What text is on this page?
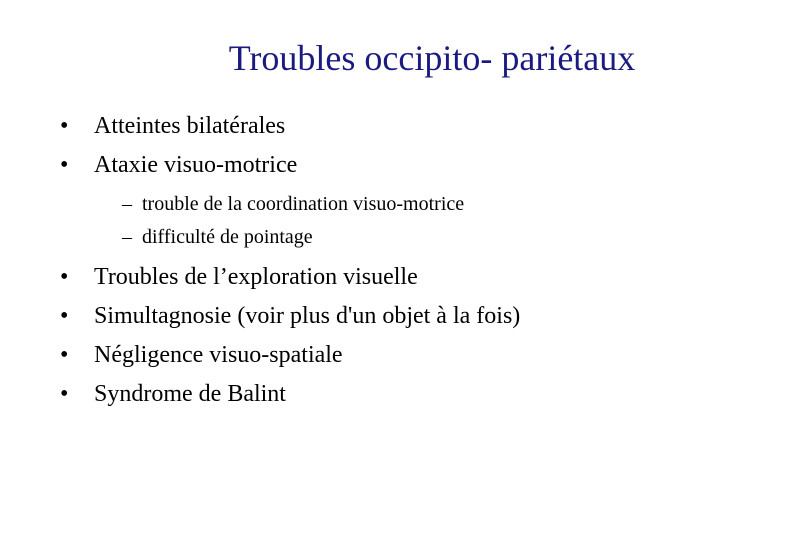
Troubles occipito- pariétaux
•	Atteintes bilatérales
•	Ataxie visuo-motrice
– trouble de la coordination visuo-motrice
– difficulté de pointage
•	Troubles de l’exploration visuelle
•	Simultagnosie (voir plus d'un objet à la fois)
•	Négligence visuo-spatiale
•	Syndrome de Balint
